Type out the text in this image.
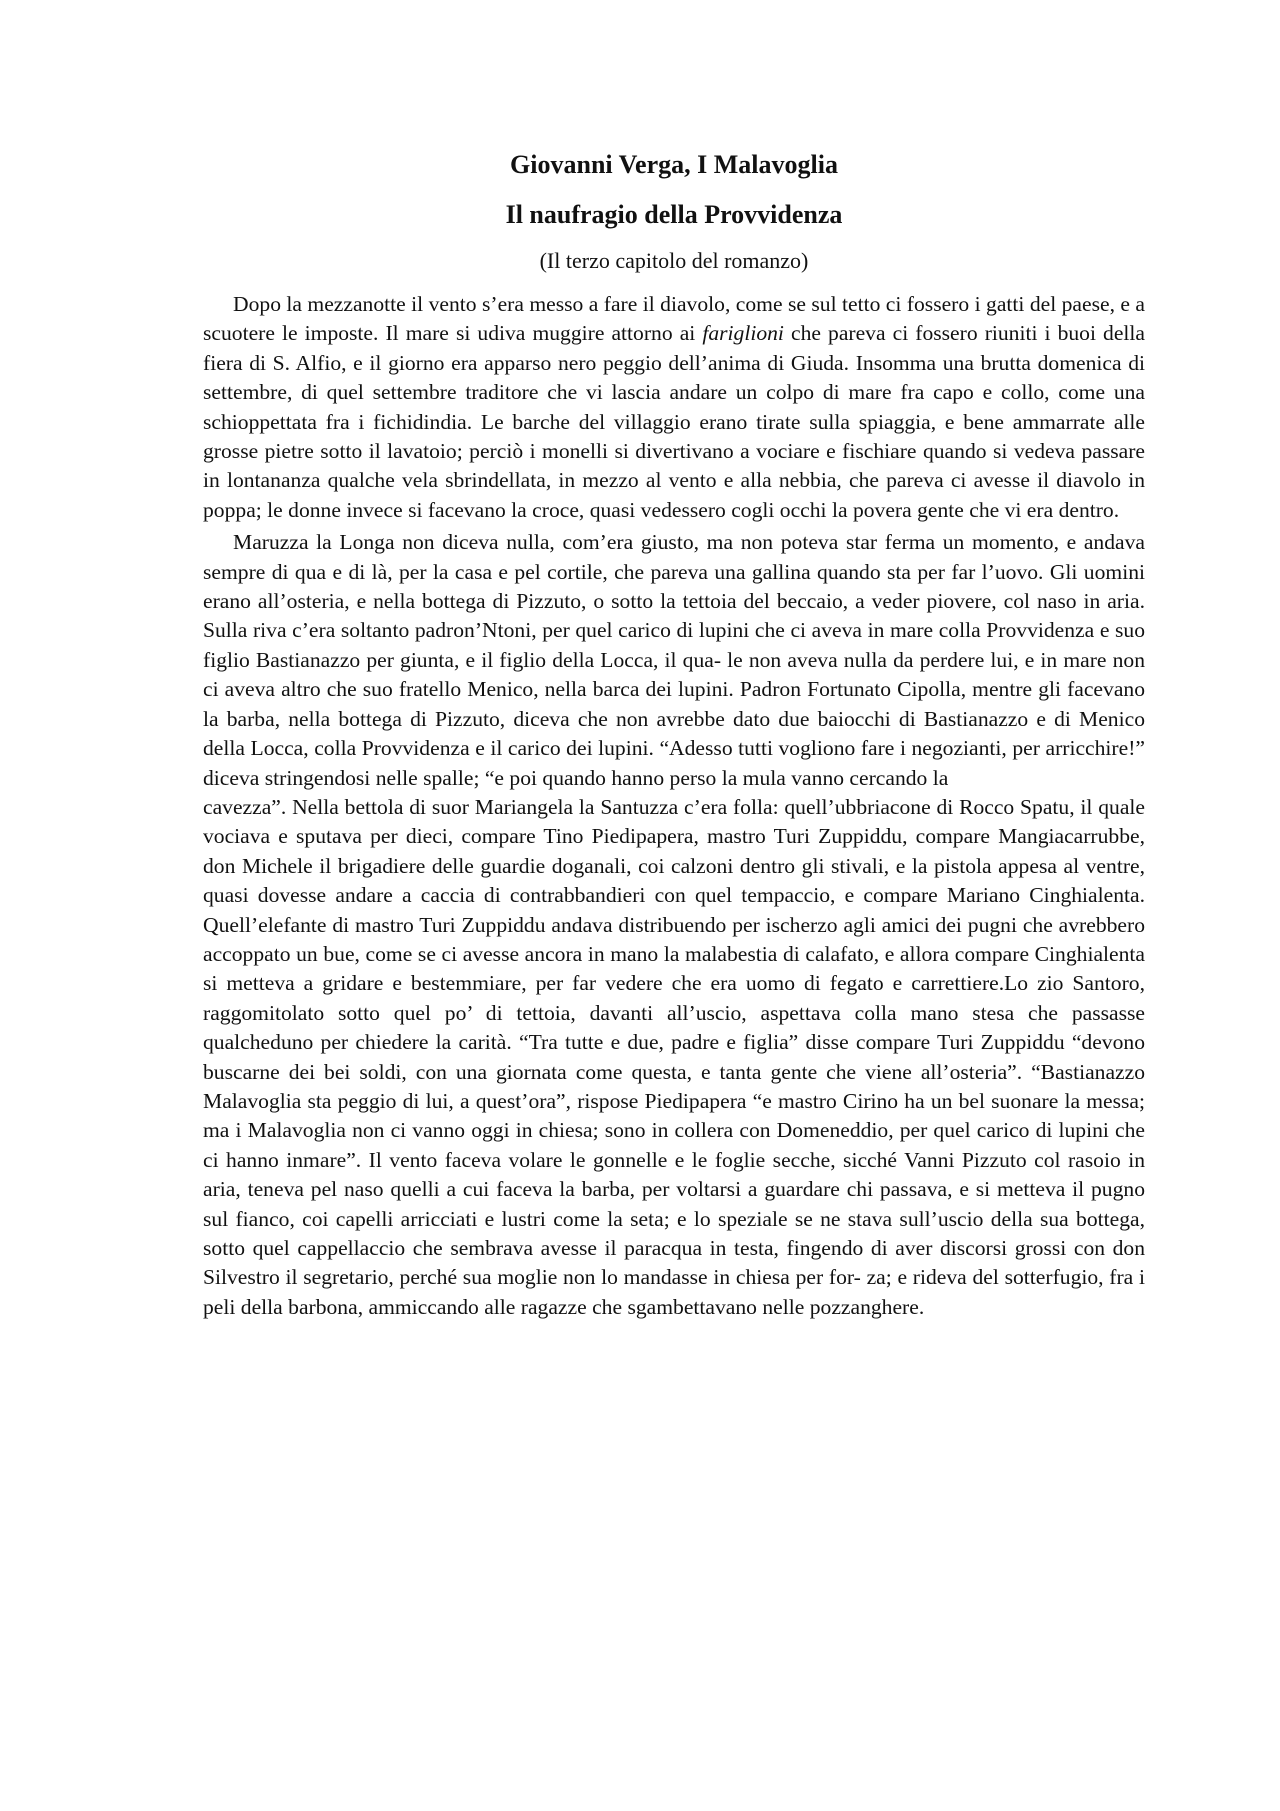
Giovanni Verga, I Malavoglia
Il naufragio della Provvidenza

(Il terzo capitolo del romanzo)

Dopo la mezzanotte il vento s’era messo a fare il diavolo, come se sul tetto ci fossero i gatti del paese, e a scuotere le imposte. Il mare si udiva muggire attorno ai fariglioni che pareva ci fossero riuniti i buoi della fiera di S. Alfio, e il giorno era apparso nero peggio dell’anima di Giuda. Insomma una brutta domenica di settembre, di quel settembre traditore che vi lascia andare un colpo di mare fra capo e collo, come una schioppettata fra i fichidindia. Le barche del villaggio erano tirate sulla spiaggia, e bene ammarrate alle grosse pietre sotto il lavatoio; perciò i monelli si divertivano a vociare e fischiare quando si vedeva passare in lontananza qualche vela sbrindellata, in mezzo al vento e alla nebbia, che pareva ci avesse il diavolo in poppa; le donne invece si facevano la croce, quasi vedessero cogli occhi la povera gente che vi era dentro.

Maruzza la Longa non diceva nulla, com’era giusto, ma non poteva star ferma un momento, e andava sempre di qua e di là, per la casa e pel cortile, che pareva una gallina quando sta per far l’uovo. Gli uomini erano all’osteria, e nella bottega di Pizzuto, o sotto la tettoia del beccaio, a veder piovere, col naso in aria. Sulla riva c’era soltanto padron’Ntoni, per quel carico di lupini che ci aveva in mare colla Provvidenza e suo figlio Bastianazzo per giunta, e il figlio della Locca, il qua- le non aveva nulla da perdere lui, e in mare non ci aveva altro che suo fratello Menico, nella barca dei lupini. Padron Fortunato Cipolla, mentre gli facevano la barba, nella bottega di Pizzuto, diceva che non avrebbe dato due baiocchi di Bastianazzo e di Menico della Locca, colla Provvidenza e il carico dei lupini. “Adesso tutti vogliono fare i negozianti, per arricchire!” diceva stringendosi nelle spalle; “e poi quando hanno perso la mula vanno cercando la

cavezza”. Nella bettola di suor Mariangela la Santuzza c’era folla: quell’ubbriacone di Rocco Spatu, il quale vociava e sputava per dieci, compare Tino Piedipapera, mastro Turi Zuppiddu, compare Mangiacarrubbe, don Michele il brigadiere delle guardie doganali, coi calzoni dentro gli stivali, e la pistola appesa al ventre, quasi dovesse andare a caccia di contrabbandieri con quel tempaccio, e compare Mariano Cinghialenta. Quell’elefante di mastro Turi Zuppiddu andava distribuendo per ischerzo agli amici dei pugni che avrebbero accoppato un bue, come se ci avesse ancora in mano la malabestia di calafato, e allora compare Cinghialenta si metteva a gridare e bestemmiare, per far vedere che era uomo di fegato e carrettiere.Lo zio Santoro, raggomitolato sotto quel po’ di tettoia, davanti all’uscio, aspettava colla mano stesa che passasse qualcheduno per chiedere la carità. “Tra tutte e due, padre e figlia” disse compare Turi Zuppiddu “devono buscarne dei bei soldi, con una giornata come questa, e tanta gente che viene all’osteria”. “Bastianazzo Malavoglia sta peggio di lui, a quest’ora”, rispose Piedipapera “e mastro Cirino ha un bel suonare la messa; ma i Malavoglia non ci vanno oggi in chiesa; sono in collera con Domeneddio, per quel carico di lupini che ci hanno inmare”. Il vento faceva volare le gonnelle e le foglie secche, sicché Vanni Pizzuto col rasoio in aria, teneva pel naso quelli a cui faceva la barba, per voltarsi a guardare chi passava, e si metteva il pugno sul fianco, coi capelli arricciati e lustri come la seta; e lo speziale se ne stava sull’uscio della sua bottega, sotto quel cappellaccio che sembrava avesse il paracqua in testa, fingendo di aver discorsi grossi con don Silvestro il segretario, perché sua moglie non lo mandasse in chiesa per for- za; e rideva del sotterfugio, fra i peli della barbona, ammiccando alle ragazze che sgambettavano nelle pozzanghere.
